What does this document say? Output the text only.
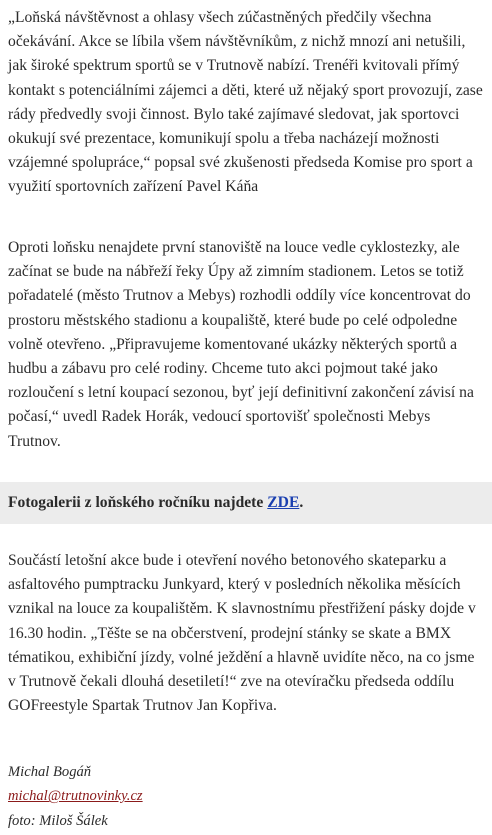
„Loňská návštěvnost a ohlasy všech zúčastněných předčily všechna očekávání. Akce se líbila všem návštěvníkům, z nichž mnozí ani netušili, jak široké spektrum sportů se v Trutnově nabízí. Trenéři kvitovali přímý kontakt s potenciálními zájemci a děti, které už nějaký sport provozují, zase rády předvedly svoji činnost. Bylo také zajímavé sledovat, jak sportovci okukují své prezentace, komunikují spolu a třeba nacházejí možnosti vzájemné spolupráce,“ popsal své zkušenosti předseda Komise pro sport a využití sportovních zařízení Pavel Káňa

Oproti loňsku nenajdete první stanoviště na louce vedle cyklostezky, ale začínat se bude na nábřeží řeky Úpy až zimním stadionem. Letos se totiž pořadatelé (město Trutnov a Mebys) rozhodli oddíly více koncentrovat do prostoru městského stadionu a koupaliště, které bude po celé odpoledne volně otevřeno. „Připravujeme komentované ukázky některých sportů a hudbu a zábavu pro celé rodiny. Chceme tuto akci pojmout také jako rozloučení s letní koupací sezonou, byť její definitivní zakončení závisí na počasí,“ uvedl Radek Horák, vedoucí sportovišť společnosti Mebys Trutnov.

Fotogalerii z loňského ročníku najdete ZDE .

Součástí letošní akce bude i otevření nového betonového skateparku a asfaltového pumptracku Junkyard, který v posledních několika měsících vznikal na louce za koupalištěm. K slavnostnímu přestřižení pásky dojde v 16.30 hodin. „Těšte se na občerstvení, prodejní stánky se skate a BMX tématikou, exhibiční jízdy, volné ježdění a hlavně uvidíte něco, na co jsme v Trutnově čekali dlouhá desetiletí!“ zve na otevíračku předseda oddílu GOFreestyle Spartak Trutnov Jan Kopřiva.

Michal Bogáň
michal@trutnovinky.cz
foto: Miloš Šálek
